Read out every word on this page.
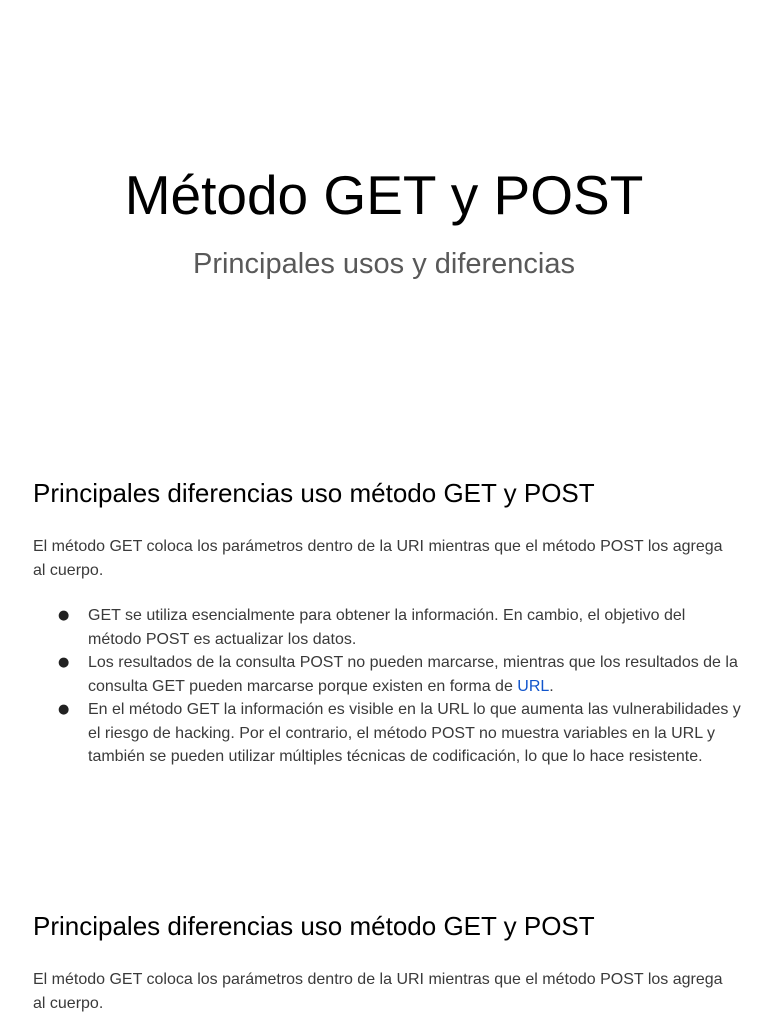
Método GET y POST
Principales usos y diferencias
Principales diferencias uso método GET y POST

El método GET coloca los parámetros dentro de la URI mientras que el método POST los agrega al cuerpo.

● GET se utiliza esencialmente para obtener la información. En cambio, el objetivo del método POST es actualizar los datos.
● Los resultados de la consulta POST no pueden marcarse, mientras que los resultados de la consulta GET pueden marcarse porque existen en forma de URL.
● En el método GET la información es visible en la URL lo que aumenta las vulnerabilidades y el riesgo de hacking. Por el contrario, el método POST no muestra variables en la URL y también se pueden utilizar múltiples técnicas de codificación, lo que lo hace resistente.
Principales diferencias uso método GET y POST

El método GET coloca los parámetros dentro de la URI mientras que el método POST los agrega al cuerpo.
